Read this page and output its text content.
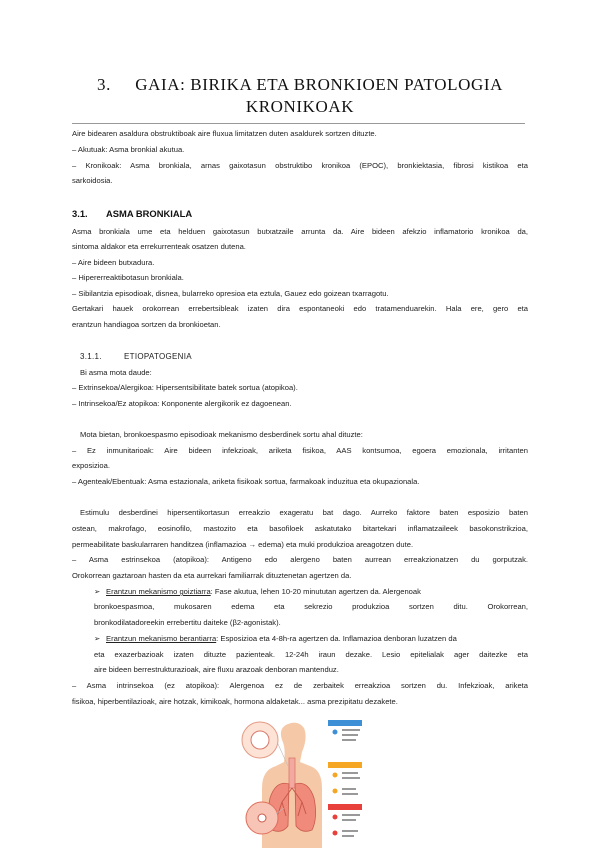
3. GAIA: BIRIKA ETA BRONKIOEN PATOLOGIA
KRONIKOAK
Aire bidearen asaldura obstruktiboak aire fluxua limitatzen duten asaldurek sortzen dituzte.
– Akutuak: Asma bronkial akutua.
– Kronikoak: Asma bronkiala, arnas gaixotasun obstruktibo kronikoa (EPOC), bronkiektasia, fibrosi kistikoa eta
sarkoidosia.
3.1. ASMA BRONKIALA
Asma bronkiala ume eta helduen gaixotasun butxatzaile arrunta da. Aire bideen afekzio inflamatorio kronikoa da,
sintoma aldakor eta errekurrenteak osatzen dutena.
– Aire bideen butxadura.
– Hipererreaktibotasun bronkiala.
– Sibilantzia episodioak, disnea, bularreko opresioa eta eztula, Gauez edo goizean txarragotu.
Gertakari hauek orokorrean errebertsibleak izaten dira espontaneoki edo tratamenduarekin. Hala ere, gero eta
erantzun handiagoa sortzen da bronkioetan.
3.1.1.	ETIOPATOGENIA
Bi asma mota daude:
– Extrinsekoa/Alergikoa: Hipersentsibilitate batek sortua (atopikoa).
– Intrinsekoa/Ez atopikoa: Konponente alergikorik ez dagoenean.
Mota bietan, bronkoespasmo episodioak mekanismo desberdinek sortu ahal dituzte:
– Ez inmunitarioak: Aire bideen infekzioak, ariketa fisikoa, AAS kontsumoa, egoera emozionala, irritanten
exposizioa.
– Agenteak/Ebentuak: Asma estazionala, ariketa fisikoak sortua, farmakoak induzitua eta okupazionala.
Estimulu desberdinei hipersentikortasun erreakzio exageratu bat dago. Aurreko faktore baten esposizio baten
ostean, makrofago, eosinofilo, mastozito eta basofiloek askatutako bitartekari inflamatzaileek basokonstrikzioa,
permeabilitate baskularraren handitzea (inflamazioa → edema) eta muki produkzioa areagotzen dute.
– Asma estrinsekoa (atopikoa): Antigeno edo alergeno baten aurrean erreakzionatzen du gorputzak.
Orokorrean gaztaroan hasten da eta aurrekari familiarrak dituztenetan agertzen da.
➢ Erantzun mekanismo goiztiarra: Fase akutua, lehen 10-20 minututan agertzen da. Alergenoak
bronkoespasmoa, mukosaren edema eta sekrezio produkzioa sortzen ditu. Orokorrean,
bronkodilatadoreekin errebertitu daiteke (β2-agonistak).
➢ Erantzun mekanismo berantiarra: Esposizioa eta 4-8h-ra agertzen da. Inflamazioa denboran luzatzen da
eta exazerbazioak izaten dituzte pazienteak. 12-24h iraun dezake. Lesio epitelialak ager daitezke eta
aire bideen berrestrukturazioak, aire fluxu arazoak denboran mantenduz.
– Asma intrinsekoa (ez atopikoa): Alergenoa ez de zerbaitek erreakzioa sortzen du. Infekzioak, ariketa
fisikoa, hiperbentilazioak, aire hotzak, kimikoak, hormona aldaketak... asma prezipitatu dezakete.
